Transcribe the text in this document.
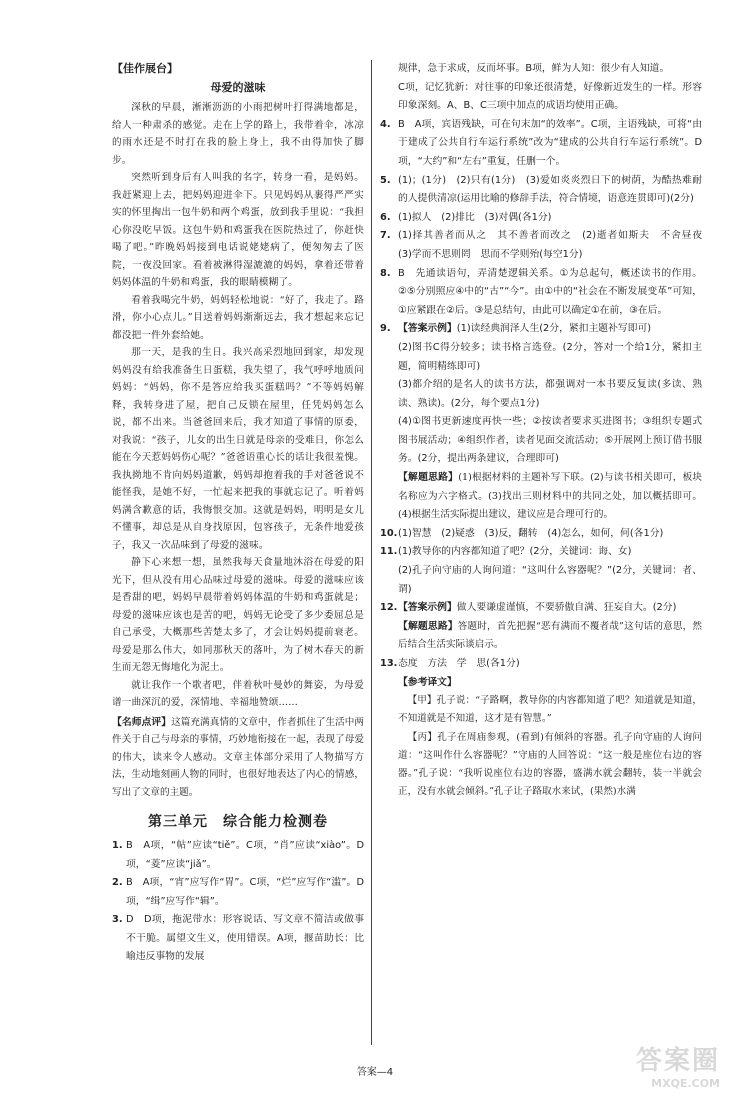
【佳作展台】
母爱的滋味

深秋的早晨，淅淅沥沥的小雨把树叶打得满地都是，给人一种肃杀的感觉。走在上学的路上，我带着伞，冰凉的雨水还是不时打在我的脸上身上，我不由得加快了脚步。

突然听到身后有人叫我的名字，转身一看，是妈妈。我赶紧迎上去，把妈妈迎进伞下。只见妈妈从裹得严严实实的怀里掏出一包牛奶和两个鸡蛋，放到我手里说：“我担心你没吃早饭。这包牛奶和鸡蛋我在医院热过了，你赶快喝了吧。”昨晚妈妈接到电话说姥姥病了，便匆匆去了医院，一夜没回家。看着被淋得湿漉漉的妈妈，拿着还带着妈妈体温的牛奶和鸡蛋，我的眼睛模糊了。

看着我喝完牛奶，妈妈轻松地说：“好了，我走了。路滑，你小心点儿。”目送着妈妈渐渐远去，我才想起来忘记都没把一件外套给她。

那一天，是我的生日。我兴高采烈地回到家，却发现妈妈没有给我准备生日蛋糕，我失望了，我气呼呼地质问妈妈：“妈妈，你不是答应给我买蛋糕吗？”不等妈妈解释，我转身进了屋，把自己反锁在屋里，任凭妈妈怎么说，都不出来。当爸爸回来后，我才知道了事情的原委，对我说：“孩子，儿女的出生日就是母亲的受难日，你怎么能在今天惹妈妈伤心呢？”爸爸语重心长的话让我很羞愧。我执拗地不肯向妈妈道歉，妈妈却抱着我的手对爸爸说不能怪我，是她不好，一忙起来把我的事就忘记了。听着妈妈满含歉意的话，我悔恨交加。这就是妈妈，明明是女儿不懂事，却总是从自身找原因，包容孩子，无条件地爱孩子，我又一次品味到了母爱的滋味。

静下心来想一想，虽然我每天食量地沐浴在母爱的阳光下，但从没有用心品味过母爱的滋味。母爱的滋味应该是香甜的吧，妈妈早晨带着妈妈体温的牛奶和鸡蛋就是；母爱的滋味应该也是苦的吧，妈妈无论受了多少委屈总是自己承受，大概那些苦楚太多了，才会让妈妈提前衰老。母爱是那么伟大，如同那秋天的落叶，为了树木春天的新生而无怨无悔地化为泥土。

就让我作一个歌者吧，伴着秋叶曼妙的舞姿，为母爱谱一曲深沉的爱，深情地、幸福地赞颂……

【名师点评】这篇充满真情的文章中，作者抓住了生活中两件关于自己与母亲的事情，巧妙地衔接在一起，表现了母爱的伟大，读来令人感动。文章主体部分采用了人物描写方法，生动地刻画人物的同时，也很好地表达了内心的情感，写出了文章的主题。
第三单元　综合能力检测卷
1. B　A项，“帖”应读“tiě”。C项，“肖”应读“xiào”。D项，“菱”应读“jiǎ”。
2. B　A项，“宵”应写作“胃”。C项，“烂”应写作“滥”。D项，“缉”应写作“辑”。
3. D　D项，拖泥带水：形容说话、写文章不简洁或做事不干脆。属望文生义，使用错误。A项，揠苗助长：比喻违反事物的发展
规律，急于求成，反而坏事。B项，鲜为人知：很少有人知道。
C项，记忆犹新：对往事的印象还很清楚，好像新近发生的一样。形容印象深刻。A、B、C三项中加点的成语均使用正确。
4. B　A项，宾语残缺，可在句末加“的效率”。C项，主语残缺，可将“由于建成了公共自行车运行系统”改为“建成的公共自行车运行系统”。D项，“大约”和“左右”重复，任删一个。
5. (1)；(1分)　(2)只有(1分)　(3)爱如炎炎烈日下的树荫，为酷热难耐的人提供清凉(运用比喻的修辞手法，符合情境，语意连贯即可)(2分)
6. (1)拟人　(2)排比　(3)对偶(各1分)
7. (1)择其善者而从之　其不善者而改之　(2)逝者如斯夫　不舍昼夜　(3)学而不思则罔　思而不学则殆(每空1分)
8. B　先通读语句，弄清楚逻辑关系。①为总起句，概述读书的作用。②⑤分别照应④中的“古”“今”。由①中的“社会在不断发展变革”可知，①应紧跟在②后。③是总结句，由此可以确定①在前，③在后。
9. 【答案示例】(1)读经典润泽人生(2分，紧扣主题补写即可)
(2)图书C得分较多；读书格言选登。(2分，答对一个给1分，紧扣主题，简明精练即可)
(3)都介绍的是名人的读书方法，都强调对一本书要反复读(多读、熟读、熟读)。(2分，每个要点1分)
(4)①图书更新速度再快一些；②按读者要求买进图书；③组织专题式图书展活动；④组织作者，读者见面交流活动；⑤开展网上预订借书服务。(2分，提出两条建议，合理即可)
【解题思路】(1)根据材料的主题补写下联。(2)与读书相关即可，板块名称应为六字格式。(3)找出三则材料中的共同之处，加以概括即可。(4)根据生活实际提出建议，建议应是合理可行的。
10. (1)智慧　(2)疑惑　(3)反，翻转　(4)怎么，如何，何(各1分)
11. (1)教导你的内容都知道了吧？(2分，关键词：诲、女)
(2)孔子向守庙的人询问道：“这叫什么容器呢？”(2分，关键词：者、谓)
12. 【答案示例】做人要谦虚谨慎，不要骄傲自满、狂妄自大。(2分)
【解题思路】答题时，首先把握“恶有满而不覆者哉”这句话的意思，然后结合生活实际谈启示。
13. 态度　方法　学　思(各1分)
【参考译文】

【甲】孔子说：“子路啊，教导你的内容都知道了吧？知道就是知道，不知道就是不知道，这才是有智慧。”

【丙】孔子在周庙参观，(看到)有倾斜的容器。孔子向守庙的人询问道：“这叫作什么容器呢？”守庙的人回答说：“这一般是座位右边的容器。”孔子说：“我听说座位右边的容器，盛满水就会翻转，装一半就会正，没有水就会倾斜。”孔子让子路取水来试，(果然)水满

答案—4	答案圈
MXQE.COM
